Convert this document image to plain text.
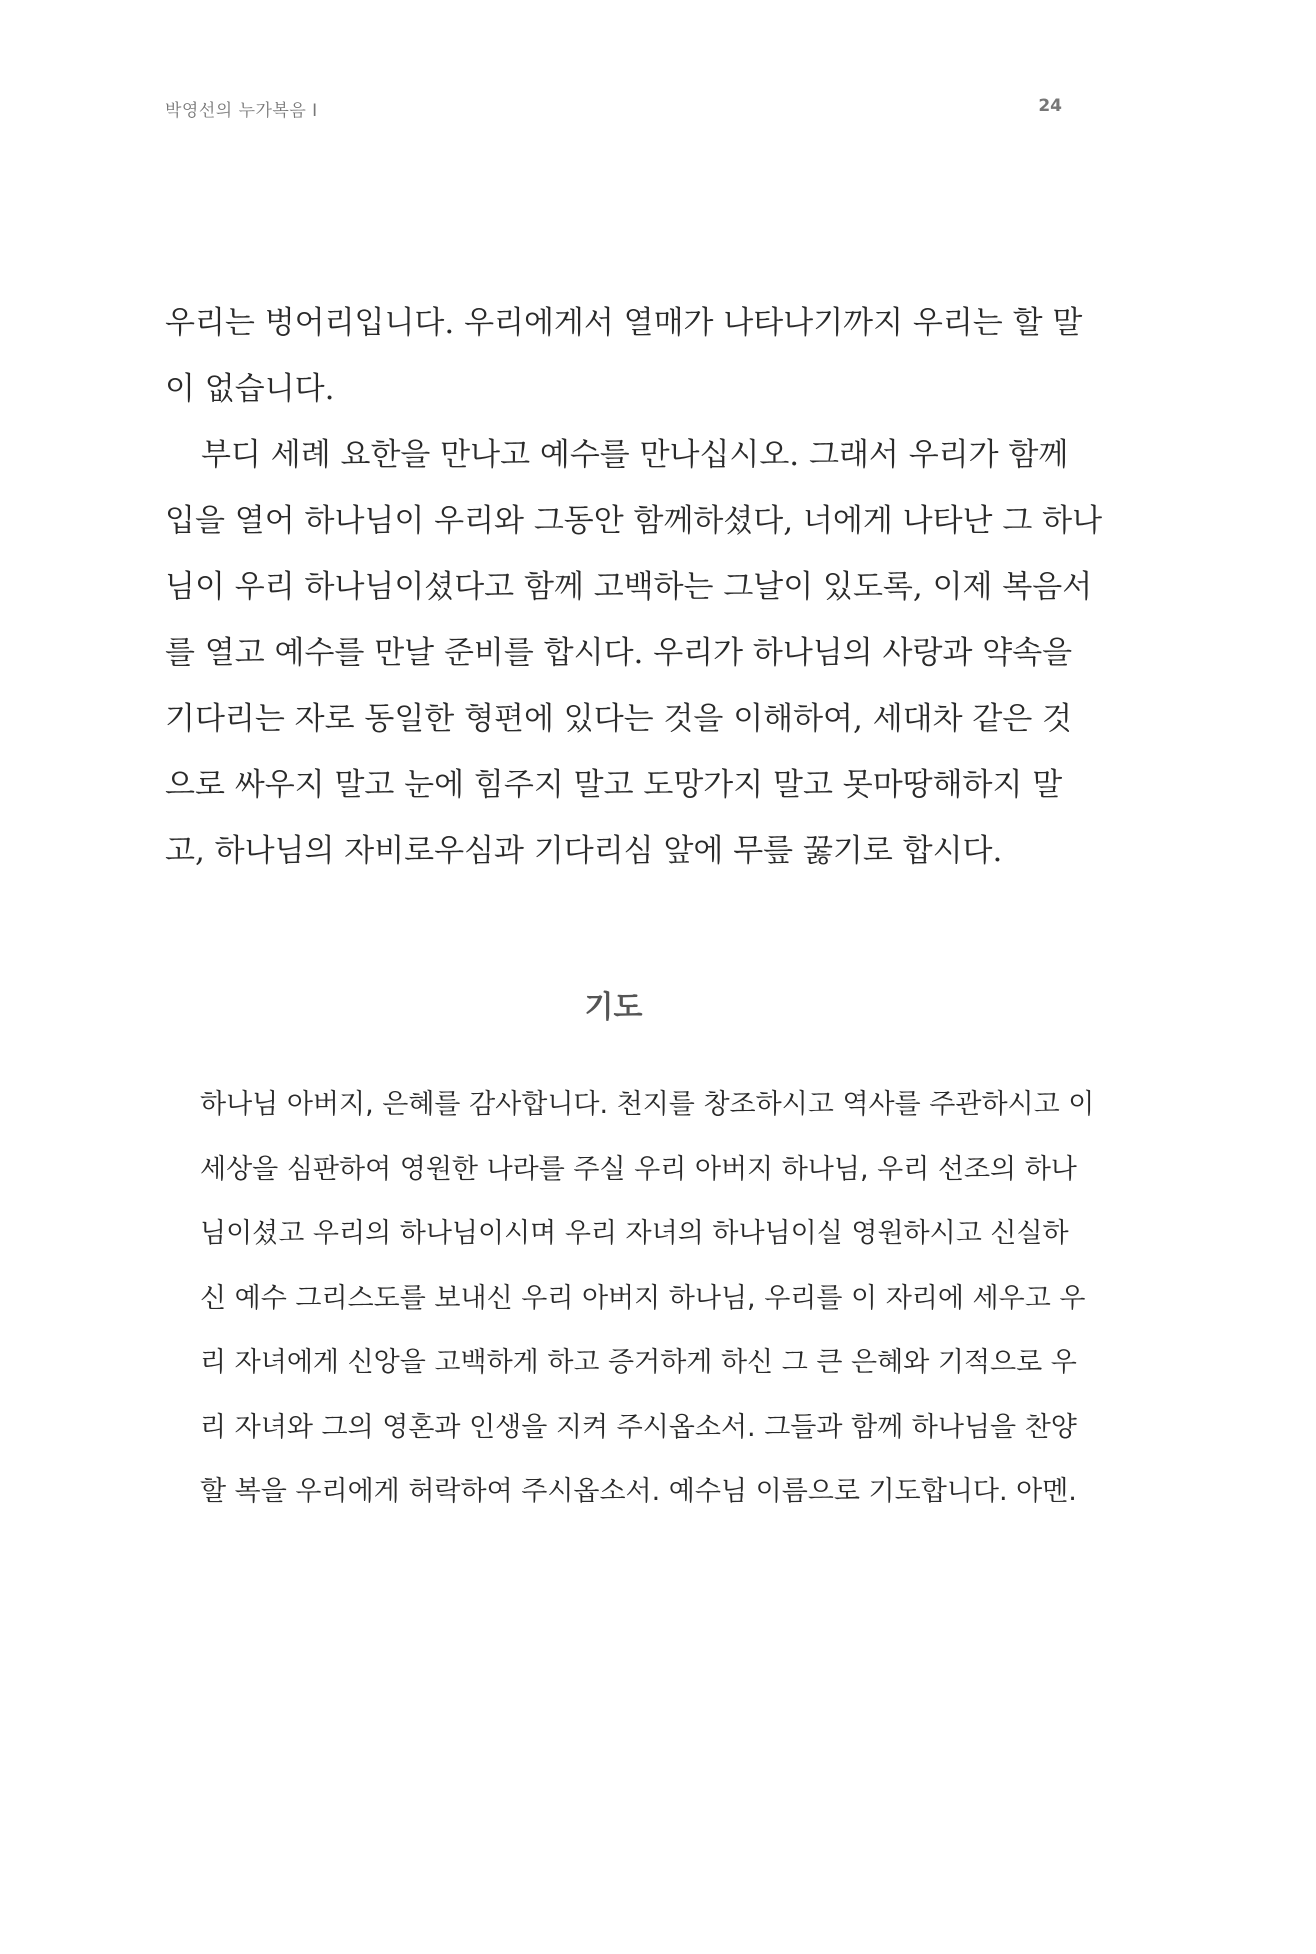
박영선의 누가복음 I	24
우리는 벙어리입니다. 우리에게서 열매가 나타나기까지 우리는 할 말
이 없습니다.
부디 세례 요한을 만나고 예수를 만나십시오. 그래서 우리가 함께
입을 열어 하나님이 우리와 그동안 함께하셨다, 너에게 나타난 그 하나
님이 우리 하나님이셨다고 함께 고백하는 그날이 있도록, 이제 복음서
를 열고 예수를 만날 준비를 합시다. 우리가 하나님의 사랑과 약속을
기다리는 자로 동일한 형편에 있다는 것을 이해하여, 세대차 같은 것
으로 싸우지 말고 눈에 힘주지 말고 도망가지 말고 못마땅해하지 말
고, 하나님의 자비로우심과 기다리심 앞에 무릎 꿇기로 합시다.
기도
하나님 아버지, 은혜를 감사합니다. 천지를 창조하시고 역사를 주관하시고 이
세상을 심판하여 영원한 나라를 주실 우리 아버지 하나님, 우리 선조의 하나
님이셨고 우리의 하나님이시며 우리 자녀의 하나님이실 영원하시고 신실하
신 예수 그리스도를 보내신 우리 아버지 하나님, 우리를 이 자리에 세우고 우
리 자녀에게 신앙을 고백하게 하고 증거하게 하신 그 큰 은혜와 기적으로 우
리 자녀와 그의 영혼과 인생을 지켜 주시옵소서. 그들과 함께 하나님을 찬양
할 복을 우리에게 허락하여 주시옵소서. 예수님 이름으로 기도합니다. 아멘.
